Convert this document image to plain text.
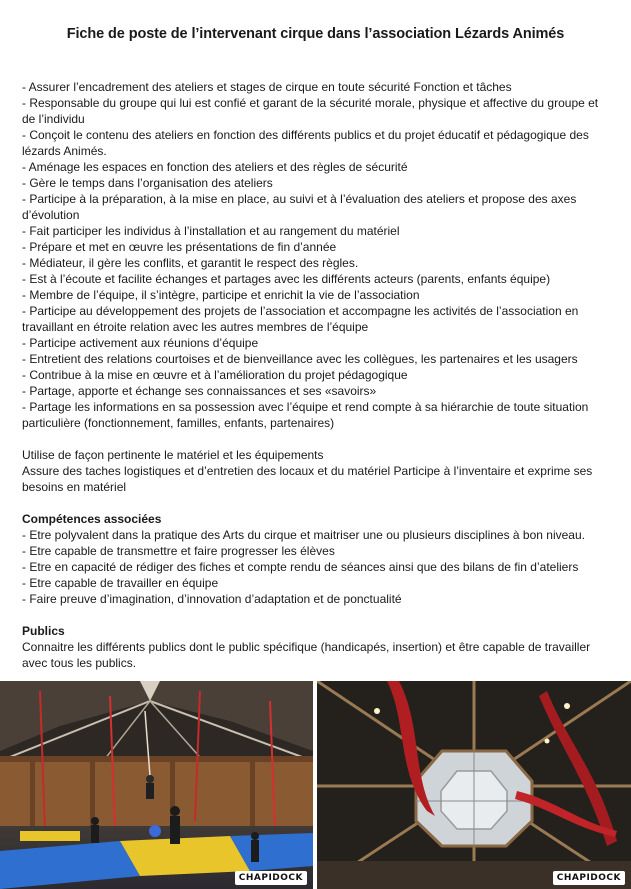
Fiche de poste de l’intervenant cirque dans l’association Lézards Animés
- Assurer l’encadrement des ateliers et stages de cirque en toute sécurité Fonction et tâches
- Responsable du groupe qui lui est confié et garant de la sécurité morale, physique et affective du groupe et de l’individu
- Conçoit le contenu des ateliers en fonction des différents publics et du projet éducatif et pédagogique des lézards Animés.
- Aménage les espaces en fonction des ateliers et des règles de sécurité
- Gère le temps dans l’organisation des ateliers
- Participe à la préparation, à la mise en place, au suivi et à l’évaluation des ateliers et propose des axes d’évolution
- Fait participer les individus à l’installation et au rangement du matériel
- Prépare et met en œuvre les présentations de fin d’année
- Médiateur, il gère les conflits, et garantit le respect des règles.
- Est à l’écoute et facilite échanges et partages avec les différents acteurs (parents, enfants équipe)
- Membre de l’équipe, il s’intègre, participe et enrichit la vie de l’association
- Participe au développement des projets de l’association et accompagne les activités de l’association en travaillant en étroite relation avec les autres membres de l’équipe
- Participe activement aux réunions d’équipe
- Entretient des relations courtoises et de bienveillance avec les collègues, les partenaires et les usagers
- Contribue à la mise en œuvre et à l’amélioration du projet pédagogique
- Partage, apporte et échange ses connaissances et ses «savoirs»
- Partage les informations en sa possession avec l’équipe et rend compte à sa hiérarchie de toute situation particulière (fonctionnement, familles, enfants, partenaires)
Utilise de façon pertinente le matériel et les équipements
Assure des taches logistiques et d’entretien des locaux et du matériel Participe à l’inventaire et exprime ses besoins en matériel
Compétences associées
- Etre polyvalent dans la pratique des Arts du cirque et maitriser une ou plusieurs disciplines à bon niveau.
- Etre capable de transmettre et faire progresser les élèves
- Etre en capacité de rédiger des fiches et compte rendu de séances ainsi que des bilans de fin d’ateliers
- Etre capable de travailler en équipe
- Faire preuve d’imagination, d’innovation d’adaptation et de ponctualité
Publics
Connaitre les différents publics dont le public spécifique (handicapés, insertion) et être capable de travailler avec tous les publics.
CHAPIDOCK	CHAPIDOCK
